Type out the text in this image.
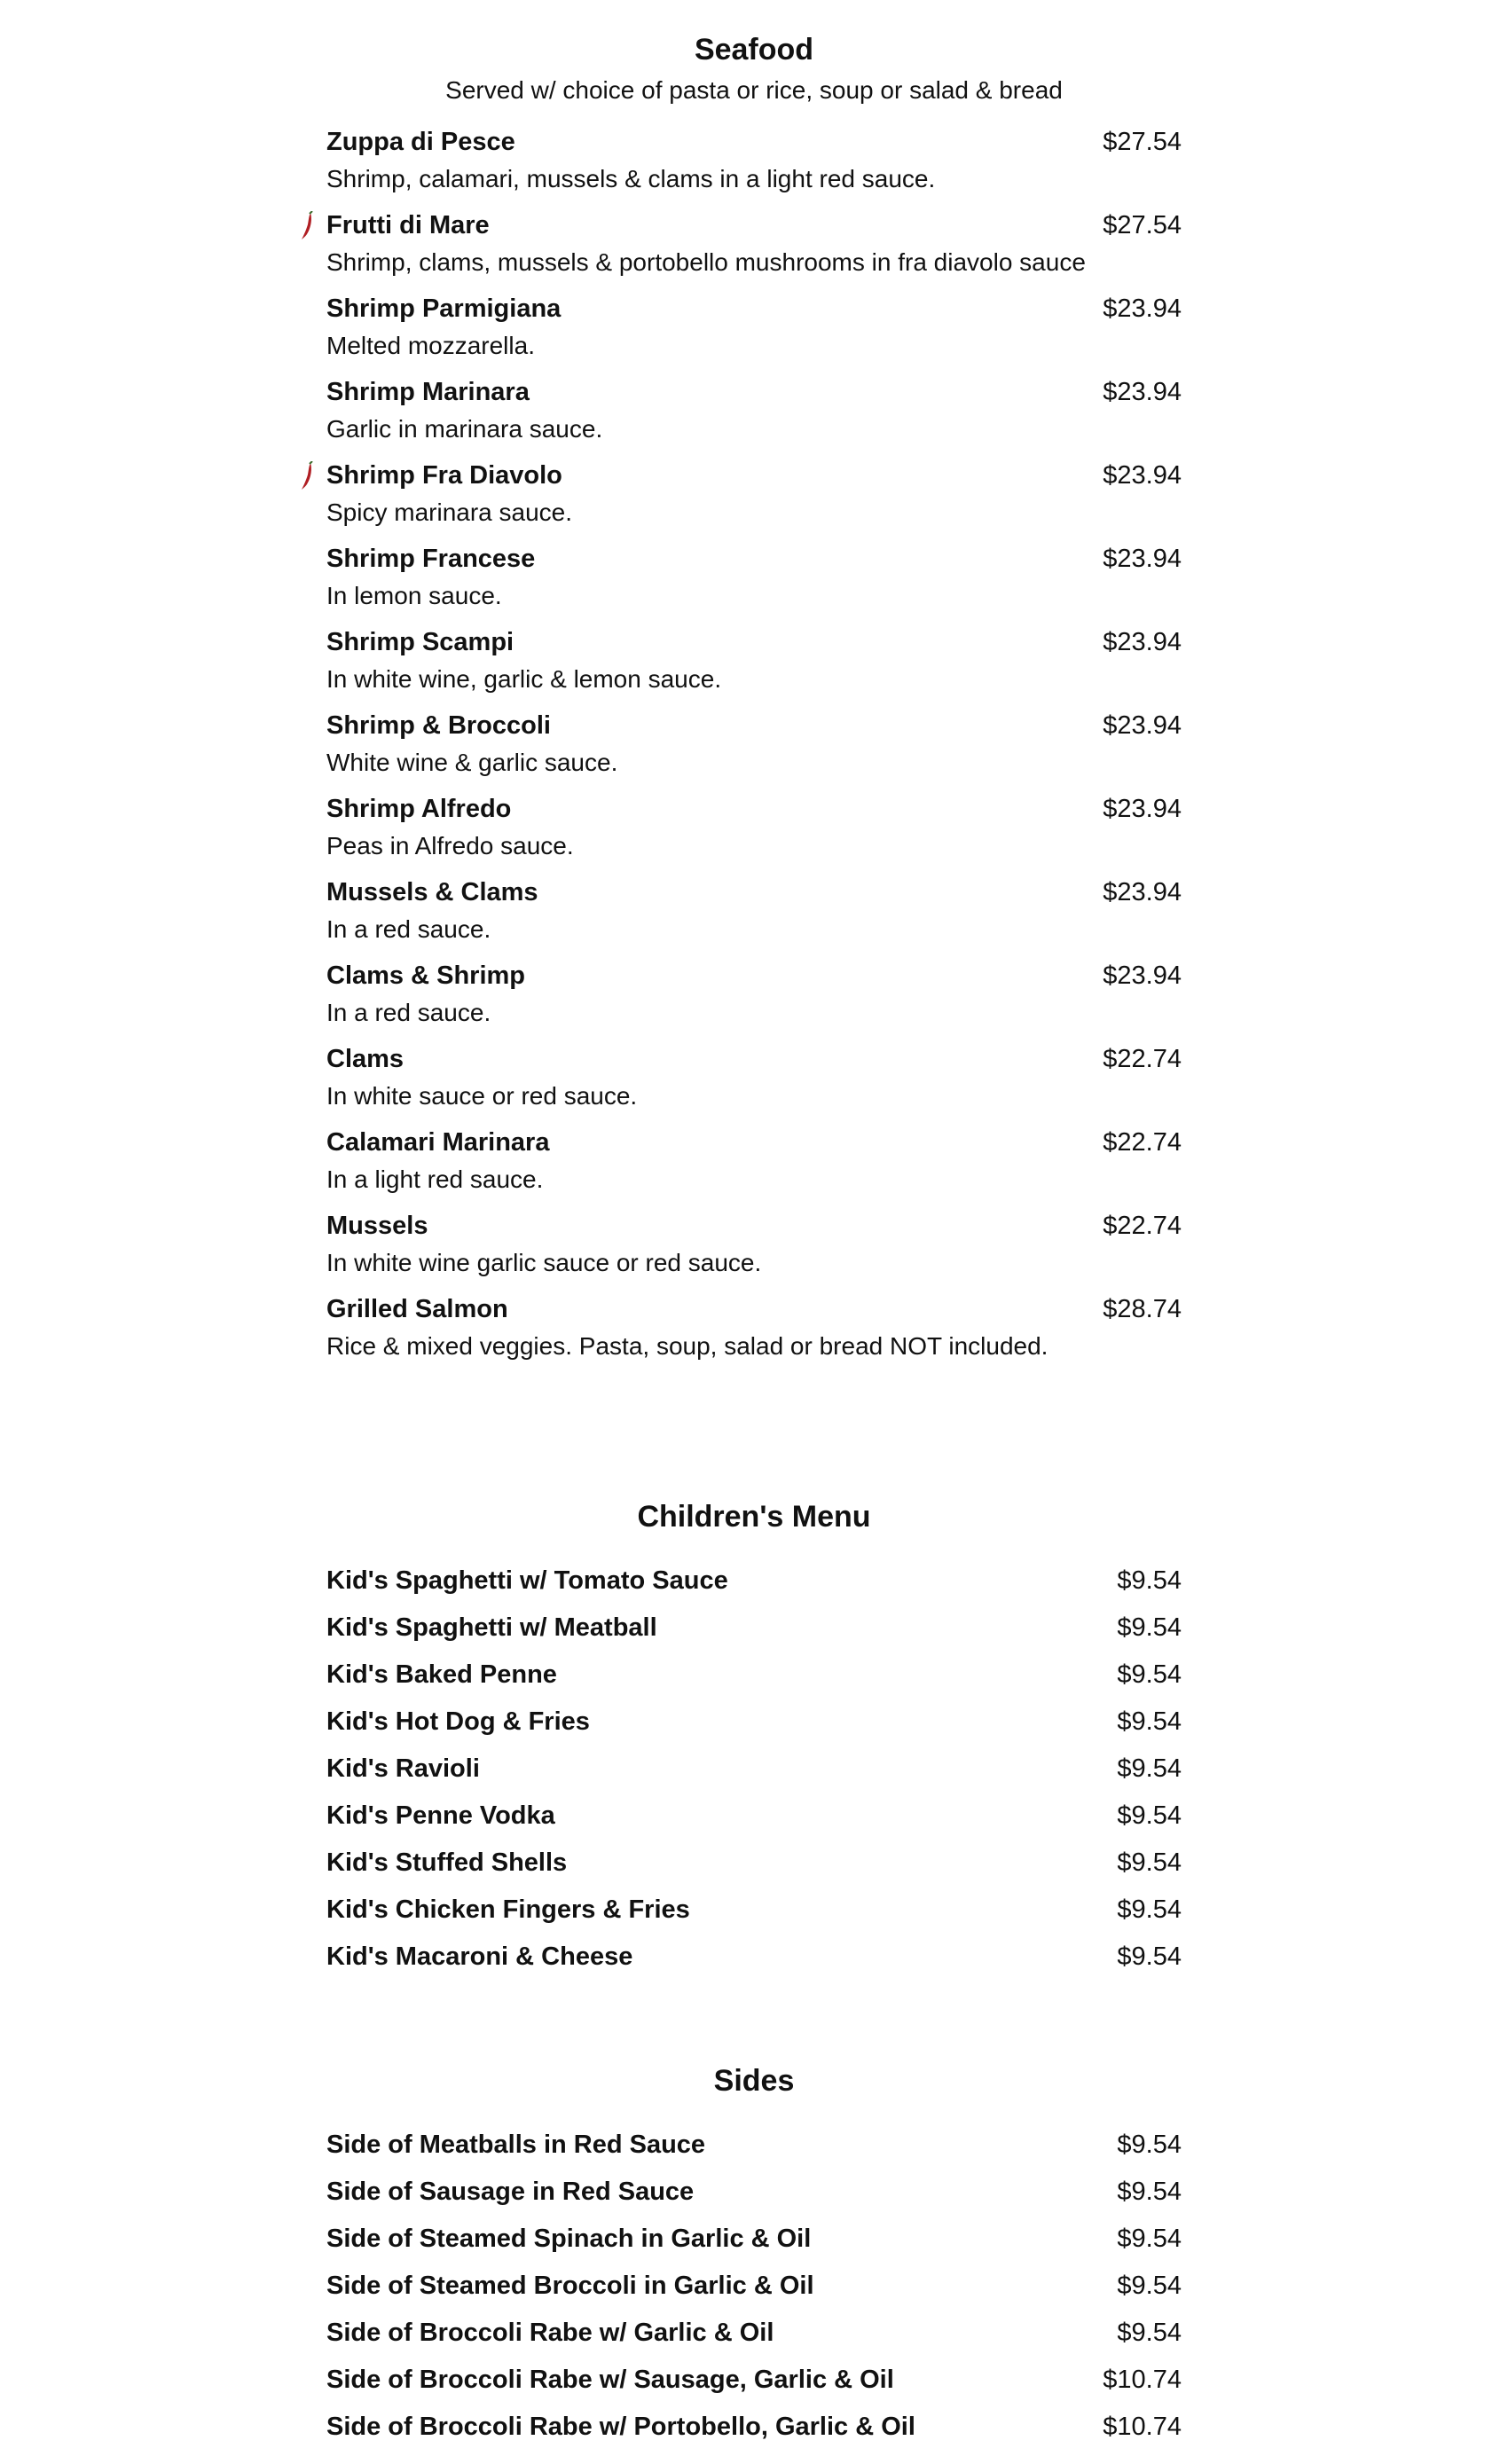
Seafood

Served w/ choice of pasta or rice, soup or salad & bread

Zuppa di Pesce	$27.54
Shrimp, calamari, mussels & clams in a light red sauce.
Frutti di Mare	$27.54
Shrimp, clams, mussels & portobello mushrooms in fra diavolo sauce
Shrimp Parmigiana	$23.94
Melted mozzarella.
Shrimp Marinara	$23.94
Garlic in marinara sauce.
Shrimp Fra Diavolo	$23.94
Spicy marinara sauce.
Shrimp Francese	$23.94
In lemon sauce.
Shrimp Scampi	$23.94
In white wine, garlic & lemon sauce.
Shrimp & Broccoli	$23.94
White wine & garlic sauce.
Shrimp Alfredo	$23.94
Peas in Alfredo sauce.
Mussels & Clams	$23.94
In a red sauce.
Clams & Shrimp	$23.94
In a red sauce.
Clams	$22.74
In white sauce or red sauce.
Calamari Marinara	$22.74
In a light red sauce.
Mussels	$22.74
In white wine garlic sauce or red sauce.
Grilled Salmon	$28.74
Rice & mixed veggies. Pasta, soup, salad or bread NOT included.
Children's Menu
Kid's Spaghetti w/ Tomato Sauce	$9.54
Kid's Spaghetti w/ Meatball	$9.54
Kid's Baked Penne	$9.54
Kid's Hot Dog & Fries	$9.54
Kid's Ravioli	$9.54
Kid's Penne Vodka	$9.54
Kid's Stuffed Shells	$9.54
Kid's Chicken Fingers & Fries	$9.54
Kid's Macaroni & Cheese	$9.54
Sides
Side of Meatballs in Red Sauce	$9.54
Side of Sausage in Red Sauce	$9.54
Side of Steamed Spinach in Garlic & Oil	$9.54
Side of Steamed Broccoli in Garlic & Oil	$9.54
Side of Broccoli Rabe w/ Garlic & Oil	$9.54
Side of Broccoli Rabe w/ Sausage, Garlic & Oil	$10.74
Side of Broccoli Rabe w/ Portobello, Garlic & Oil	$10.74
